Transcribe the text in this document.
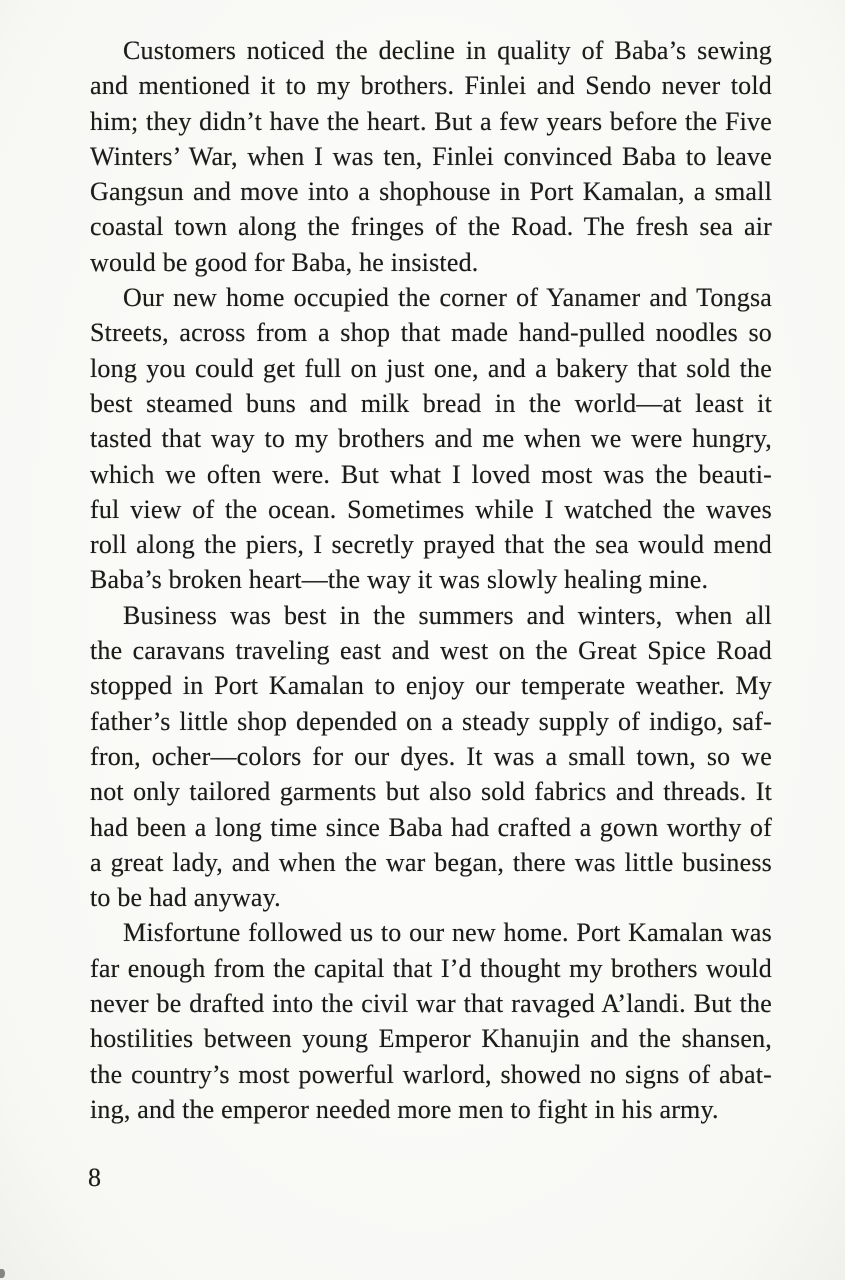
Customers noticed the decline in quality of Baba’s sewing
and mentioned it to my brothers. Finlei and Sendo never told
him; they didn’t have the heart. But a few years before the Five
Winters’ War, when I was ten, Finlei convinced Baba to leave
Gangsun and move into a shophouse in Port Kamalan, a small
coastal town along the fringes of the Road. The fresh sea air
would be good for Baba, he insisted.
Our new home occupied the corner of Yanamer and Tongsa
Streets, across from a shop that made hand-pulled noodles so
long you could get full on just one, and a bakery that sold the
best steamed buns and milk bread in the world—at least it
tasted that way to my brothers and me when we were hungry,
which we often were. But what I loved most was the beauti-
ful view of the ocean. Sometimes while I watched the waves
roll along the piers, I secretly prayed that the sea would mend
Baba’s broken heart—the way it was slowly healing mine.
Business was best in the summers and winters, when all
the caravans traveling east and west on the Great Spice Road
stopped in Port Kamalan to enjoy our temperate weather. My
father’s little shop depended on a steady supply of indigo, saf-
fron, ocher—colors for our dyes. It was a small town, so we
not only tailored garments but also sold fabrics and threads. It
had been a long time since Baba had crafted a gown worthy of
a great lady, and when the war began, there was little business
to be had anyway.
Misfortune followed us to our new home. Port Kamalan was
far enough from the capital that I’d thought my brothers would
never be drafted into the civil war that ravaged A’landi. But the
hostilities between young Emperor Khanujin and the shansen,
the country’s most powerful warlord, showed no signs of abat-
ing, and the emperor needed more men to fight in his army.
8
